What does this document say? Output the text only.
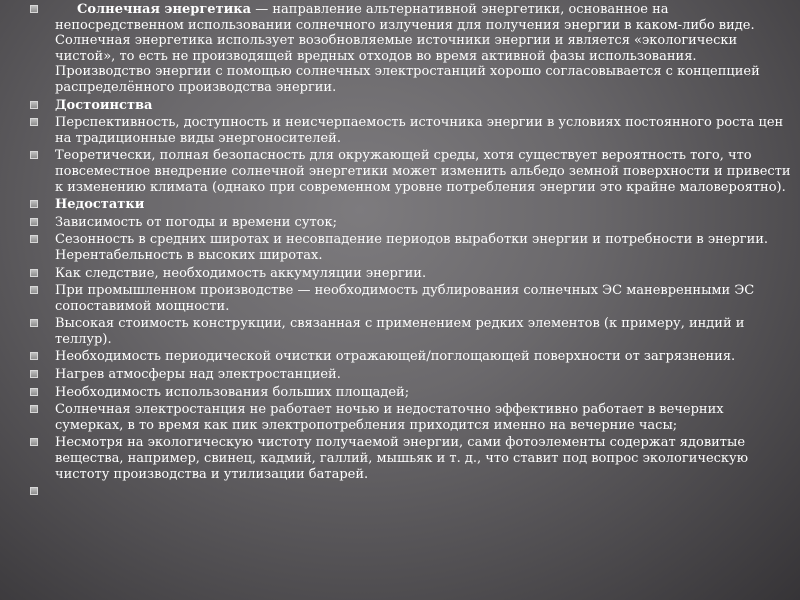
Солнечная энергетика — направление альтернативной энергетики, основанное на непосредственном использовании солнечного излучения для получения энергии в каком-либо виде. Солнечная энергетика использует возобновляемые источники энергии и является «экологически чистой», то есть не производящей вредных отходов во время активной фазы использования. Производство энергии с помощью солнечных электростанций хорошо согласовывается с концепцией распределённого производства энергии.
Достоинства
Перспективность, доступность и неисчерпаемость источника энергии в условиях постоянного роста цен на традиционные виды энергоносителей.
Теоретически, полная безопасность для окружающей среды, хотя существует вероятность того, что повсеместное внедрение солнечной энергетики может изменить альбедо земной поверхности и привести к изменению климата (однако при современном уровне потребления энергии это крайне маловероятно).
Недостатки
Зависимость от погоды и времени суток;
Сезонность в средних широтах и несовпадение периодов выработки энергии и потребности в энергии. Нерентабельность в высоких широтах.
Как следствие, необходимость аккумуляции энергии.
При промышленном производстве — необходимость дублирования солнечных ЭС маневренными ЭС сопоставимой мощности.
Высокая стоимость конструкции, связанная с применением редких элементов (к примеру, индий и теллур).
Необходимость периодической очистки отражающей/поглощающей поверхности от загрязнения.
Нагрев атмосферы над электростанцией.
Необходимость использования больших площадей;
Солнечная электростанция не работает ночью и недостаточно эффективно работает в вечерних сумерках, в то время как пик электропотребления приходится именно на вечерние часы;
Несмотря на экологическую чистоту получаемой энергии, сами фотоэлементы содержат ядовитые вещества, например, свинец, кадмий, галлий, мышьяк и т. д., что ставит под вопрос экологическую чистоту производства и утилизации батарей.
